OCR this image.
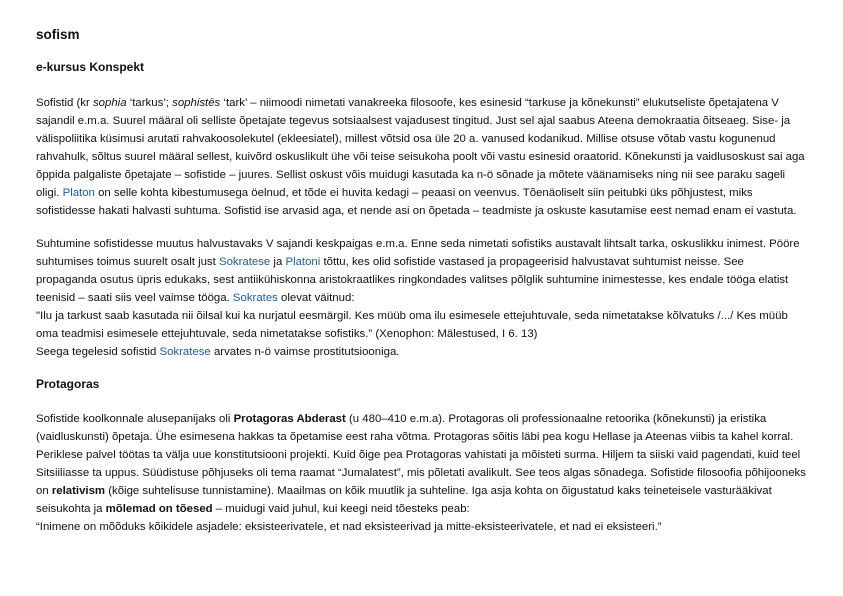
sofism
e-kursus Konspekt

Sofistid (kr sophia ‘tarkus’; sophistēs ‘tark’ – niimoodi nimetati vanakreeka filosoofe, kes esinesid “tarkuse ja kõnekunsti” elukutseliste õpetajatena V sajandil e.m.a. Suurel määral oli selliste õpetajate tegevus sotsiaalsest vajadusest tingitud. Just sel ajal saabus Ateena demokraatia õitseaeg. Sise- ja välispoliitika küsimusi arutati rahvakoosolekutel (ekleesiatel), millest võtsid osa üle 20 a. vanused kodanikud. Millise otsuse võtab vastu kogunenud rahvahulk, sõltus suurel määral sellest, kuivõrd oskuslikult ühe või teise seisukoha poolt või vastu esinesid oraatorid. Kõnekunsti ja vaidlusoskust sai aga õppida palgaliste õpetajate – sofistide – juures. Sellist oskust võis muidugi kasutada ka n-ö sõnade ja mõtete väänamiseks ning nii see paraku sageli oligi. Platon on selle kohta kibestumusega öelnud, et tõde ei huvita kedagi – peaasi on veenvus. Tõenäoliselt siin peitubki üks põhjustest, miks sofistidesse hakati halvasti suhtuma. Sofistid ise arvasid aga, et nende asi on õpetada – teadmiste ja oskuste kasutamise eest nemad enam ei vastuta.

Suhtumine sofistidesse muutus halvustavaks V sajandi keskpaigas e.m.a. Enne seda nimetati sofistiks austavalt lihtsalt tarka, oskuslikku inimest. Pööre suhtumises toimus suurelt osalt just Sokratese ja Platoni tõttu, kes olid sofistide vastased ja propageerisid halvustavat suhtumist neisse. See propaganda osutus üpris edukaks, sest antiikühiskonna aristokraatlikes ringkondades valitses põlglik suhtumine inimestesse, kes endale tööga elatist teenisid – saati siis veel vaimse tööga. Sokrates olevat väitnud:
"Ilu ja tarkust saab kasutada nii õilsal kui ka nurjatul eesmärgil. Kes müüb oma ilu esimesele ettejuhtuvale, seda nimetatakse kõlvatuks /.../ Kes müüb oma teadmisi esimesele ettejuhtuvale, seda nimetatakse sofistiks.” (Xenophon: Mälestused, I 6. 13)
Seega tegelesid sofistid Sokratese arvates n-ö vaimse prostitutsiooniga.

Protagoras

Sofistide koolkonnale alusepanijaks oli Protagoras Abderast (u 480–410 e.m.a). Protagoras oli professionaalne retoorika (kõnekunsti) ja eristika (vaidluskunsti) õpetaja. Ühe esimesena hakkas ta õpetamise eest raha võtma. Protagoras sõitis läbi pea kogu Hellase ja Ateenas viibis ta kahel korral. Periklese palvel töötas ta välja uue konstitutsiooni projekti. Kuid õige pea Protagoras vahistati ja mõisteti surma. Hiljem ta siiski vaid pagendati, kuid teel Sitsiiliasse ta uppus. Süüdistuse põhjuseks oli tema raamat “Jumalatest”, mis põletati avalikult. See teos algas sõnadega. Sofistide filosoofia põhijooneks on relativism (kõige suhtelisuse tunnistamine). Maailmas on kõik muutlik ja suhteline. Iga asja kohta on õigustatud kaks teineteisele vasturääkivat seisukohta ja mõlemad on tõesed – muidugi vaid juhul, kui keegi neid tõesteks peab:
“Inimene on mõõduks kõikidele asjadele: eksisteerivatele, et nad eksisteerivad ja mitte-eksisteerivatele, et nad ei eksisteeri.”
